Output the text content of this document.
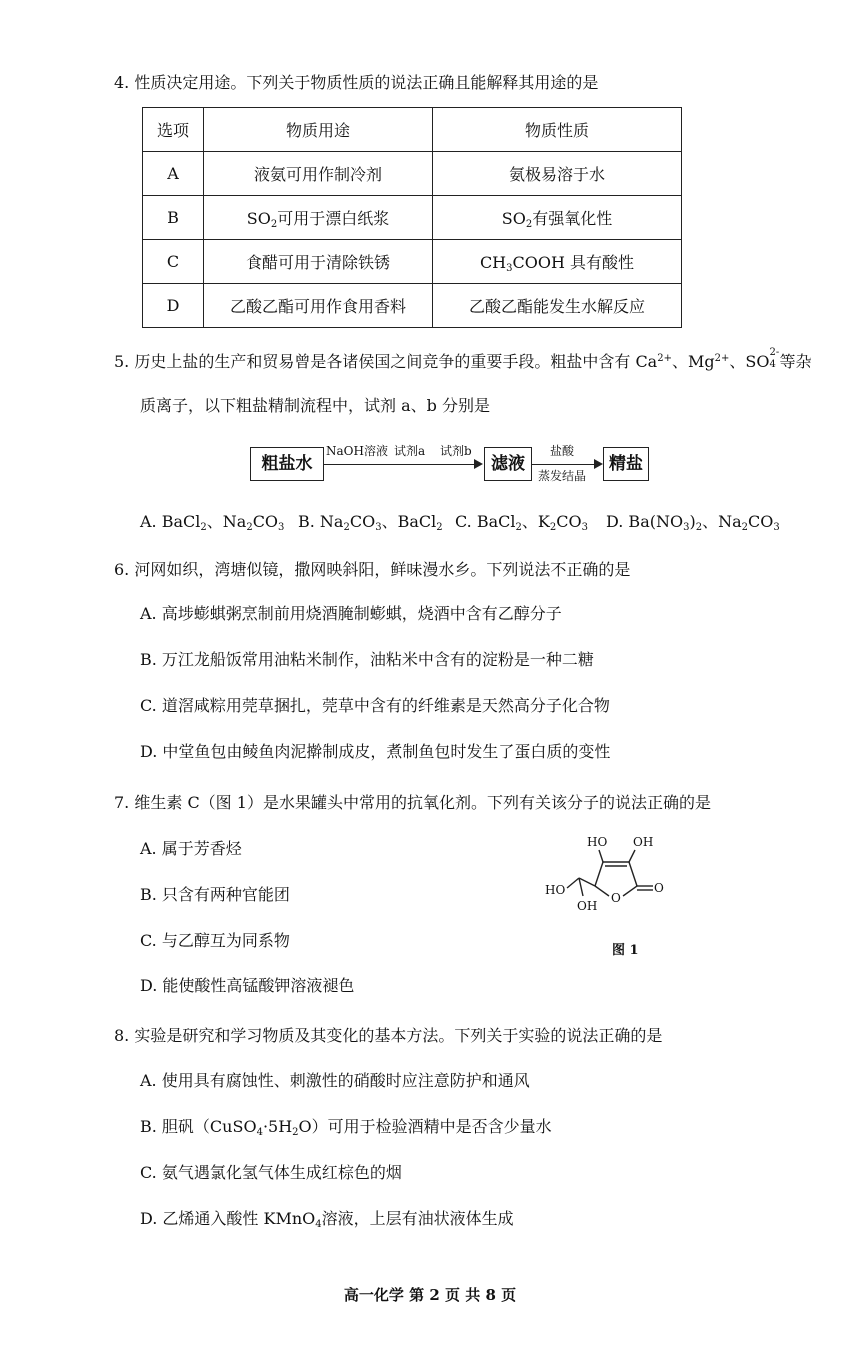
4. 性质决定用途。下列关于物质性质的说法正确且能解释其用途的是
选项	物质用途	物质性质
A	液氨可用作制冷剂	氨极易溶于水
B	$SO_2$可用于漂白纸浆	$SO_2$有强氧化性
C	食醋可用于清除铁锈	$CH_3COOH$ 具有酸性
D	乙酸乙酯可用作食用香料	乙酸乙酯能发生水解反应
5. 历史上盐的生产和贸易曾是各诸侯国之间竞争的重要手段。粗盐中含有 $Ca^{2+}$、$Mg^{2+}$、SO 2-
4 等杂
质离子，以下粗盐精制流程中，试剂 a、b 分别是
粗盐水
NaOH溶液 试剂a 试剂b
滤液
盐酸
蒸发结晶
精盐
A. BaCl$_2$、$Na_2CO_3$ B. $Na_2CO_3$、BaCl$_2$ C. BaCl$_2$、$K_2CO_3$ D. $Ba(NO_3)_2$、$Na_2CO_3$
6. 河网如织，湾塘似镜，撒网映斜阳，鲜味漫水乡。下列说法不正确的是
A. 高埗蟛蜞粥烹制前用烧酒腌制蟛蜞，烧酒中含有乙醇分子
B. 万江龙船饭常用油粘米制作，油粘米中含有的淀粉是一种二糖
C. 道滘咸粽用莞草捆扎，莞草中含有的纤维素是天然高分子化合物
D. 中堂鱼包由鲮鱼肉泥擀制成皮，煮制鱼包时发生了蛋白质的变性
7. 维生素 C（图 1）是水果罐头中常用的抗氧化剂。下列有关该分子的说法正确的是
A. 属于芳香烃
B. 只含有两种官能团
C. 与乙醇互为同系物
D. 能使酸性高锰酸钾溶液褪色
HO OH
HO
OH
O
O
图 1
8. 实验是研究和学习物质及其变化的基本方法。下列关于实验的说法正确的是
A. 使用具有腐蚀性、刺激性的硝酸时应注意防护和通风
B. 胆矾$(CuSO_4\cdot 5H_2O)$可用于检验酒精中是否含少量水
C. 氨气遇氯化氢气体生成红棕色的烟
D. 乙烯通入酸性 KMnO$_4$溶液，上层有油状液体生成
高一化学 第 2 页 共 8 页
